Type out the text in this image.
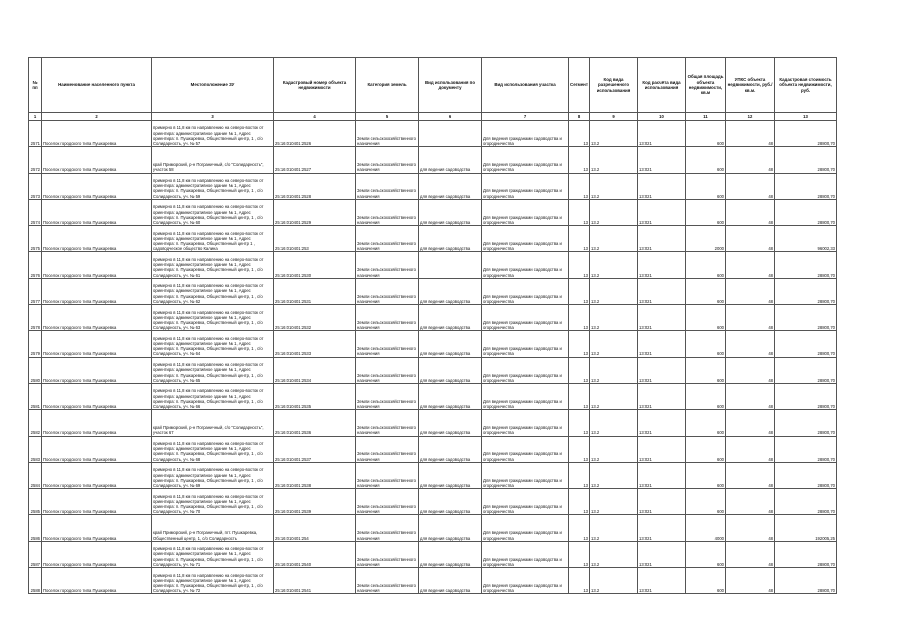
№ пп	Наименование населенного пункта	Местоположение ЗУ	Кадастровый номер объекта недвижимости	Категория земель	Вид использования по документу	Вид использования участка	Сегмент	Код вида разрешенного использования	Код расчёта вида использования	Общая площадь объекта недвижимости, кв.м	УПКС объекта недвижимости, руб./кв.м.	Кадастровая стоимость объекта недвижимости, руб.
1	2	3	4	5	6	7	8	9	10	11	12	13
2571	Поселок городского типа Пушкаревка	примерно в 11,8 км по направлению на северо-восток от ориентира: административное здание № 1, Адрес ориентира: п. Пушкаревка, Общественный центр, 1 , с/о Солидарность, уч. № 57	25:16:010401:2526	Земли сельскохозяйственного назначения		Для ведения гражданами садоводства и огородничества	13	13.2	13:021	600	48	28800,70
2572	Поселок городского типа Пушкаревка	край Приморский, р-н Пограничный, с/о "Солидарность", участок 58	25:16:010401:2527	Земли сельскохозяйственного назначения	для ведения садоводства	Для ведения гражданами садоводства и огородничества	13	13.2	13:021	600	48	28800,70
2573	Поселок городского типа Пушкаревка	примерно в 11,8 км по направлению на северо-восток от ориентира: административное здание № 1, Адрес ориентира: п. Пушкаревка, Общественный центр, 1 , с/о Солидарность, уч. № 59	25:16:010401:2528	Земли сельскохозяйственного назначения	для ведения садоводства	Для ведения гражданами садоводства и огородничества	13	13.2	13:021	600	48	28800,70
2574	Поселок городского типа Пушкаревка	примерно в 11,8 км по направлению на северо-восток от ориентира: административное здание № 1, Адрес ориентира: п. Пушкаревка, Общественный центр, 1 , с/о Солидарность, уч. № 60	25:16:010401:2529	Земли сельскохозяйственного назначения	для ведения садоводства	Для ведения гражданами садоводства и огородничества	13	13.2	13:021	600	48	28800,70
2575	Поселок городского типа Пушкаревка	примерно в 11,8 км по направлению на северо-восток от ориентира: административное здание № 1, Адрес ориентира: п. Пушкаревка, Общественный центр 1 , садоводческое общество Калина	25:16:010401:253	Земли сельскохозяйственного назначения	для ведения садоводства	Для ведения гражданами садоводства и огородничества	13	13.2	13:021	2000	48	96002,33
2576	Поселок городского типа Пушкаревка	примерно в 11,8 км по направлению на северо-восток от ориентира: административное здание № 1, Адрес ориентира: п. Пушкаревка, Общественный центр, 1 , с/о Солидарность, уч. № 61	25:16:010401:2530	Земли сельскохозяйственного назначения		Для ведения гражданами садоводства и огородничества	13	13.2	13:021	600	48	28800,70
2577	Поселок городского типа Пушкаревка	примерно в 11,8 км по направлению на северо-восток от ориентира: административное здание № 1, Адрес ориентира: п. Пушкаревка, Общественный центр, 1 , с/о Солидарность, уч. № 62	25:16:010401:2531	Земли сельскохозяйственного назначения	для ведения садоводства	Для ведения гражданами садоводства и огородничества	13	13.2	13:021	600	48	28800,70
2578	Поселок городского типа Пушкаревка	примерно в 11,8 км по направлению на северо-восток от ориентира: административное здание № 1, Адрес ориентира: п. Пушкаревка, Общественный центр, 1 , с/о Солидарность, уч. № 63	25:16:010401:2532	Земли сельскохозяйственного назначения	для ведения садоводства	Для ведения гражданами садоводства и огородничества	13	13.2	13:021	600	48	28800,70
2579	Поселок городского типа Пушкаревка	примерно в 11,8 км по направлению на северо-восток от ориентира: административное здание № 1, Адрес ориентира: п. Пушкаревка, Общественный центр, 1 , с/о Солидарность, уч. № 64	25:16:010401:2533	Земли сельскохозяйственного назначения	для ведения садоводства	Для ведения гражданами садоводства и огородничества	13	13.2	13:021	600	48	28800,70
2580	Поселок городского типа Пушкаревка	примерно в 11,8 км по направлению на северо-восток от ориентира: административное здание № 1, Адрес ориентира: п. Пушкаревка, Общественный центр, 1 , с/о Солидарность, уч. № 65	25:16:010401:2534	Земли сельскохозяйственного назначения	для ведения садоводства	Для ведения гражданами садоводства и огородничества	13	13.2	13:021	600	48	28800,70
2581	Поселок городского типа Пушкаревка	примерно в 11,8 км по направлению на северо-восток от ориентира: административное здание № 1, Адрес ориентира: п. Пушкаревка, Общественный центр, 1 , с/о Солидарность, уч. № 66	25:16:010401:2535	Земли сельскохозяйственного назначения	для ведения садоводства	Для ведения гражданами садоводства и огородничества	13	13.2	13:021	600	48	28800,70
2582	Поселок городского типа Пушкаревка	край Приморский, р-н Пограничный, с/о "Солидарность", участок 67	25:16:010401:2536	Земли сельскохозяйственного назначения	для ведения садоводства	Для ведения гражданами садоводства и огородничества	13	13.2	13:021	600	48	28800,70
2583	Поселок городского типа Пушкаревка	примерно в 11,8 км по направлению на северо-восток от ориентира: административное здание № 1, Адрес ориентира: п. Пушкаревка, Общественный центр, 1 , с/о Солидарность, уч. № 68	25:16:010401:2537	Земли сельскохозяйственного назначения	для ведения садоводства	Для ведения гражданами садоводства и огородничества	13	13.2	13:021	600	48	28800,70
2584	Поселок городского типа Пушкаревка	примерно в 11,8 км по направлению на северо-восток от ориентира: административное здание № 1, Адрес ориентира: п. Пушкаревка, Общественный центр, 1 , с/о Солидарность, уч. № 69	25:16:010401:2538	Земли сельскохозяйственного назначения	для ведения садоводства	Для ведения гражданами садоводства и огородничества	13	13.2	13:021	600	48	28800,70
2585	Поселок городского типа Пушкаревка	примерно в 11,8 км по направлению на северо-восток от ориентира: административное здание № 1, Адрес ориентира: п. Пушкаревка, Общественный центр, 1 , с/о Солидарность, уч. № 70	25:16:010401:2539	Земли сельскохозяйственного назначения	для ведения садоводства	Для ведения гражданами садоводства и огородничества	13	13.2	13:021	600	48	28800,70
2586	Поселок городского типа Пушкаревка	край Приморский, р-н Пограничный, пгт. Пушкаревка, Общественный центр, 1, с/о Солидарность	25:16:010401:254	Земли сельскохозяйственного назначения	для ведения садоводства	Для ведения гражданами садоводства и огородничества	13	13.2	13:021	4000	48	192005,25
2587	Поселок городского типа Пушкаревка	примерно в 11,8 км по направлению на северо-восток от ориентира: административное здание № 1, Адрес ориентира: п. Пушкаревка, Общественный центр, 1 , с/о Солидарность, уч. № 71	25:16:010401:2540	Земли сельскохозяйственного назначения	для ведения садоводства	Для ведения гражданами садоводства и огородничества	13	13.2	13:021	600	48	28800,70
2588	Поселок городского типа Пушкаревка	примерно в 11,8 км по направлению на северо-восток от ориентира: административное здание № 1, Адрес ориентира: п. Пушкаревка, Общественный центр, 1 , с/о Солидарность, уч. № 72	25:16:010401:2541	Земли сельскохозяйственного назначения	для ведения садоводства	Для ведения гражданами садоводства и огородничества	13	13.2	13:021	600	48	28800,70
